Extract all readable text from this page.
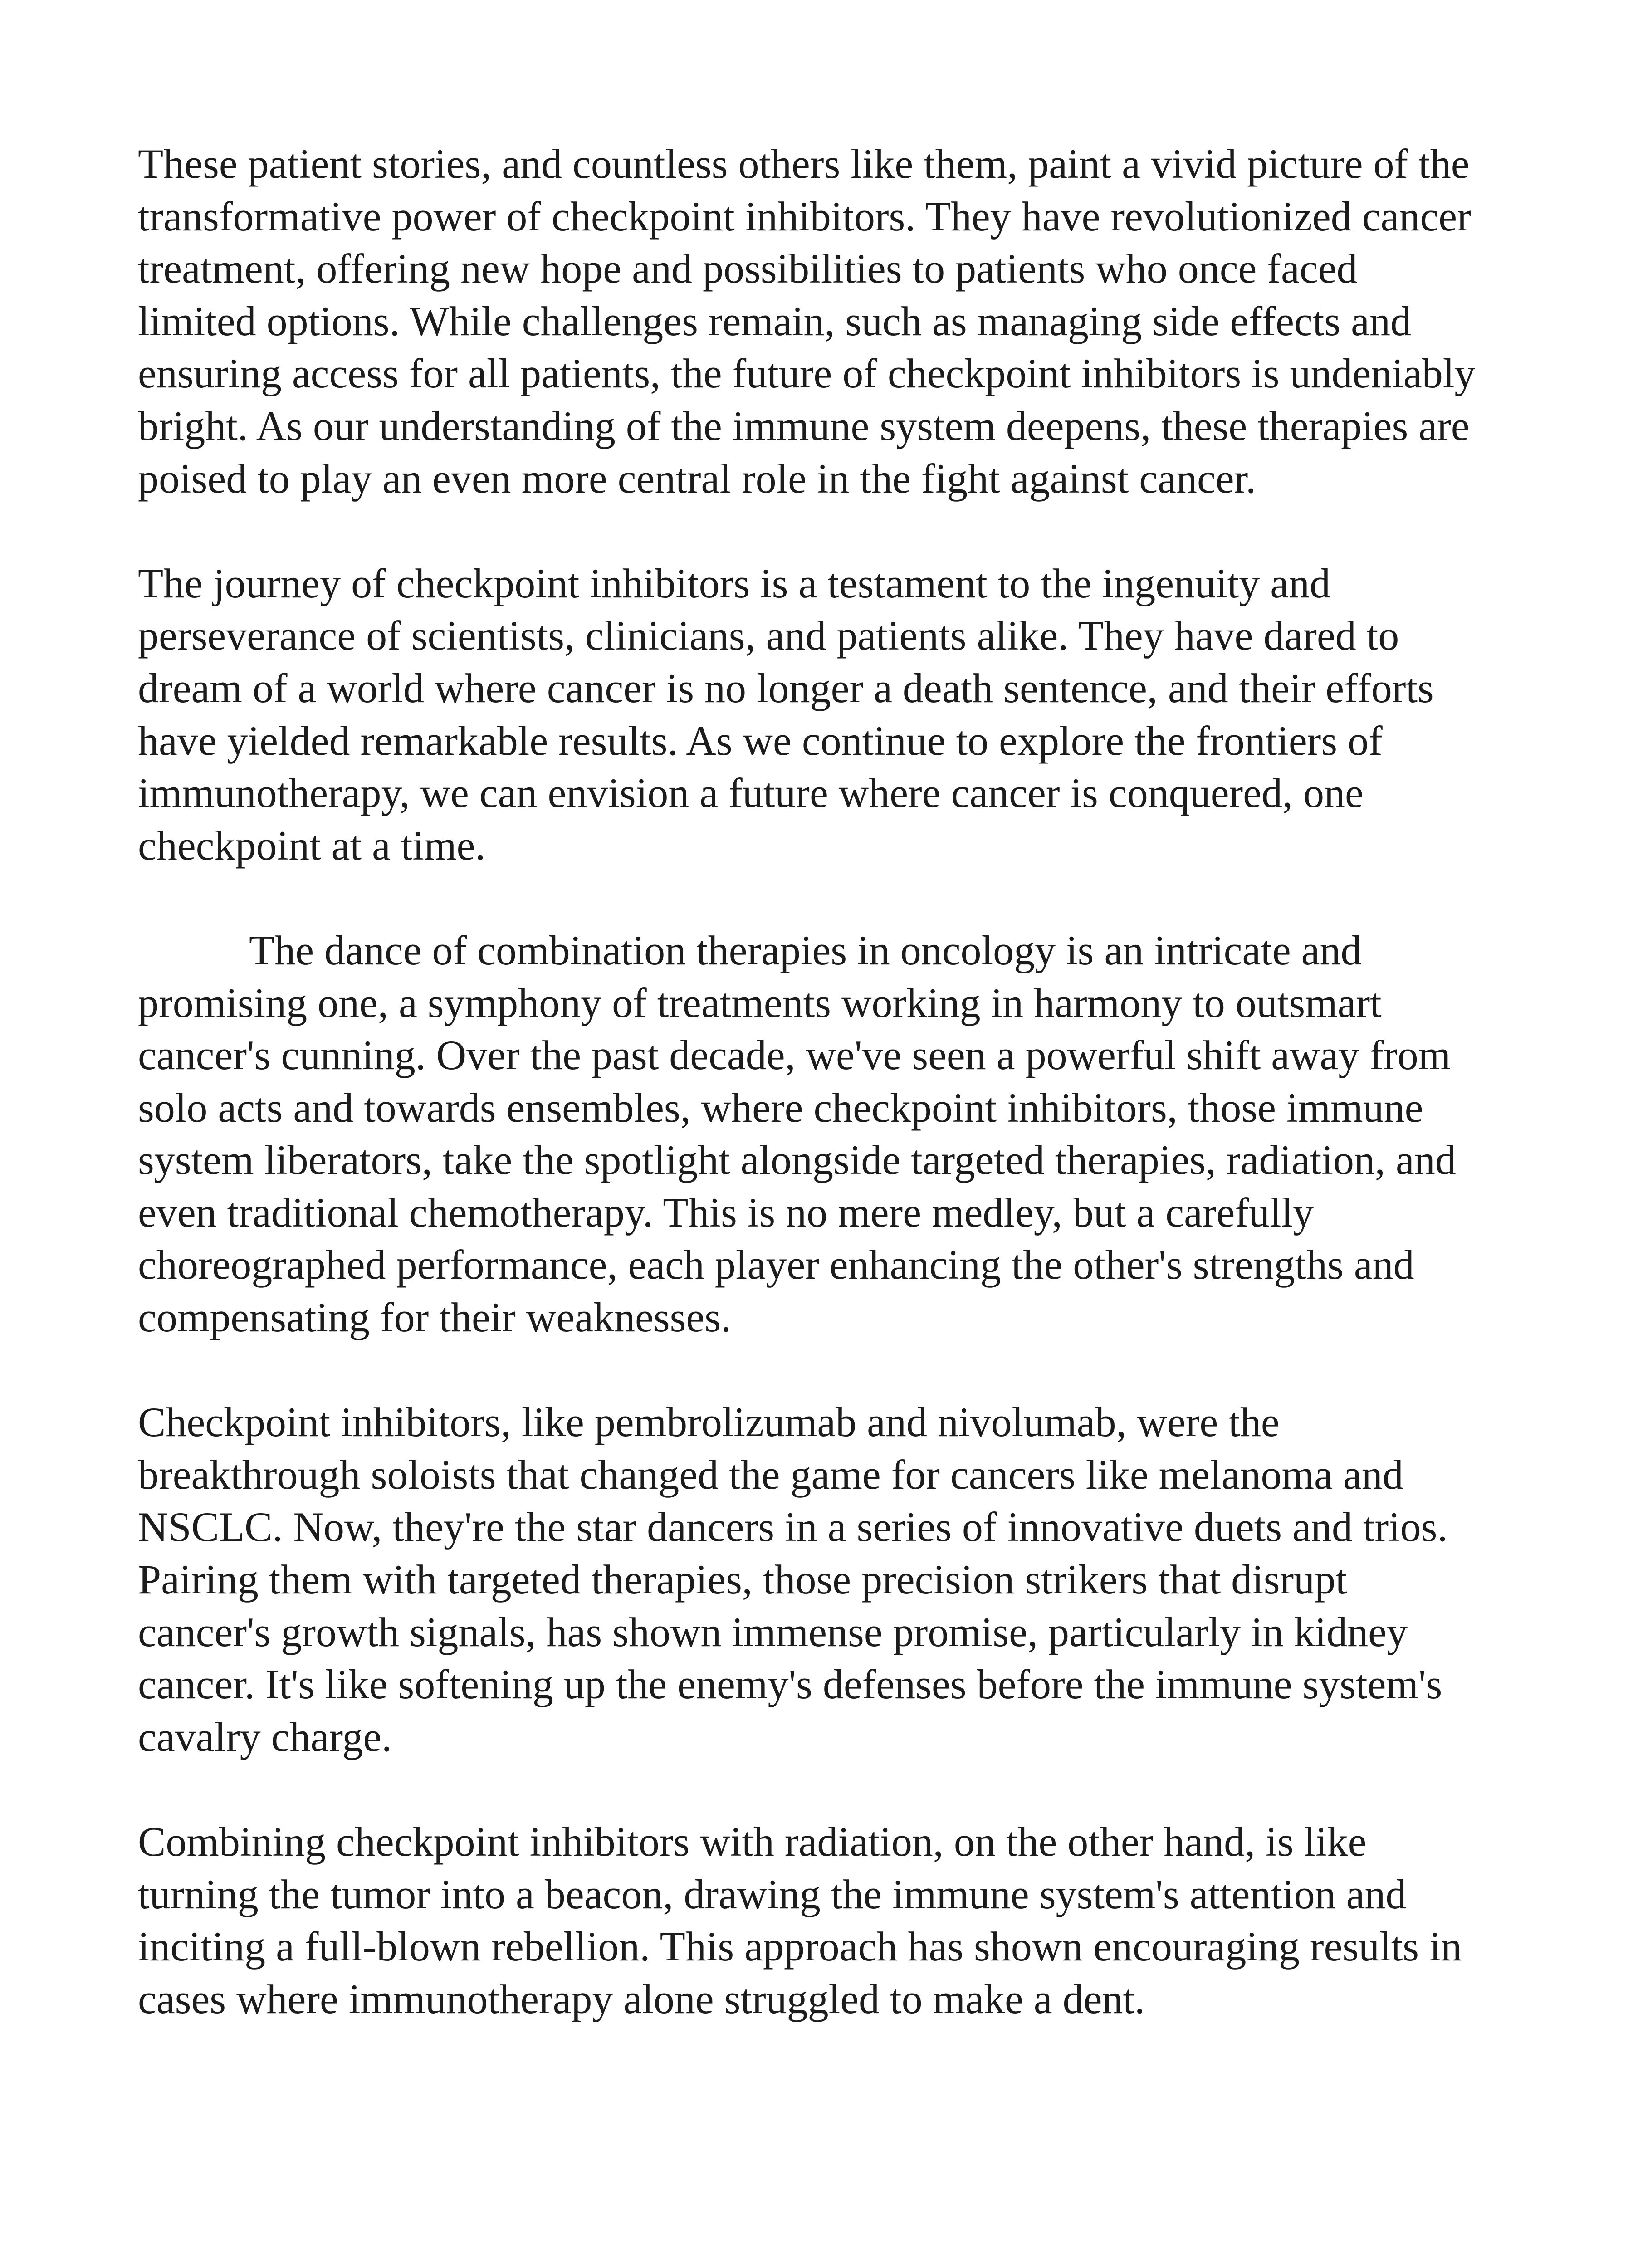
These patient stories, and countless others like them, paint a vivid picture of the transformative power of checkpoint inhibitors. They have revolutionized cancer treatment, offering new hope and possibilities to patients who once faced limited options. While challenges remain, such as managing side effects and ensuring access for all patients, the future of checkpoint inhibitors is undeniably bright. As our understanding of the immune system deepens, these therapies are poised to play an even more central role in the fight against cancer.

The journey of checkpoint inhibitors is a testament to the ingenuity and perseverance of scientists, clinicians, and patients alike. They have dared to dream of a world where cancer is no longer a death sentence, and their efforts have yielded remarkable results. As we continue to explore the frontiers of immunotherapy, we can envision a future where cancer is conquered, one checkpoint at a time.

The dance of combination therapies in oncology is an intricate and promising one, a symphony of treatments working in harmony to outsmart cancer's cunning. Over the past decade, we've seen a powerful shift away from solo acts and towards ensembles, where checkpoint inhibitors, those immune system liberators, take the spotlight alongside targeted therapies, radiation, and even traditional chemotherapy. This is no mere medley, but a carefully choreographed performance, each player enhancing the other's strengths and compensating for their weaknesses.

Checkpoint inhibitors, like pembrolizumab and nivolumab, were the breakthrough soloists that changed the game for cancers like melanoma and NSCLC. Now, they're the star dancers in a series of innovative duets and trios. Pairing them with targeted therapies, those precision strikers that disrupt cancer's growth signals, has shown immense promise, particularly in kidney cancer. It's like softening up the enemy's defenses before the immune system's cavalry charge.

Combining checkpoint inhibitors with radiation, on the other hand, is like turning the tumor into a beacon, drawing the immune system's attention and inciting a full-blown rebellion. This approach has shown encouraging results in cases where immunotherapy alone struggled to make a dent.
